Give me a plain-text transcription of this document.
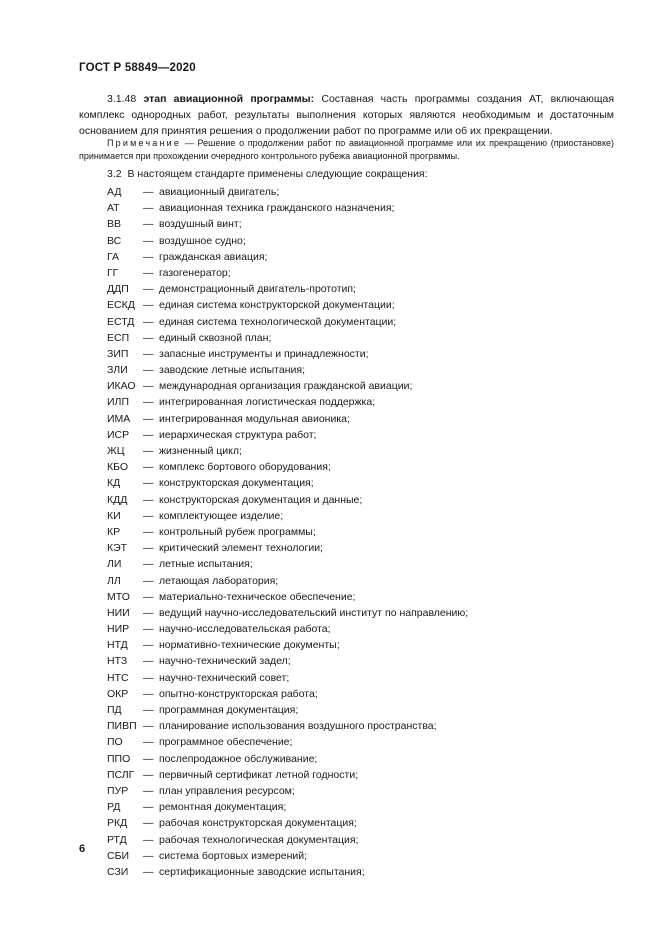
ГОСТ Р 58849—2020
3.1.48 этап авиационной программы: Составная часть программы создания АТ, включающая комплекс однородных работ, результаты выполнения которых являются необходимым и достаточным основанием для принятия решения о продолжении работ по программе или об их прекращении.
Примечание — Решение о продолжении работ по авиационной программе или их прекращению (приостановке) принимается при прохождении очередного контрольного рубежа авиационной программы.
3.2 В настоящем стандарте применены следующие сокращения:
АД — авиационный двигатель;
АТ — авиационная техника гражданского назначения;
ВВ — воздушный винт;
ВС — воздушное судно;
ГА — гражданская авиация;
ГГ — газогенератор;
ДДП — демонстрационный двигатель-прототип;
ЕСКД — единая система конструкторской документации;
ЕСТД — единая система технологической документации;
ЕСП — единый сквозной план;
ЗИП — запасные инструменты и принадлежности;
ЗЛИ — заводские летные испытания;
ИКАО — международная организация гражданской авиации;
ИЛП — интегрированная логистическая поддержка;
ИМА — интегрированная модульная авионика;
ИСР — иерархическая структура работ;
ЖЦ — жизненный цикл;
КБО — комплекс бортового оборудования;
КД — конструкторская документация;
КДД — конструкторская документация и данные;
КИ — комплектующее изделие;
КР — контрольный рубеж программы;
КЭТ — критический элемент технологии;
ЛИ — летные испытания;
ЛЛ — летающая лаборатория;
МТО — материально-техническое обеспечение;
НИИ — ведущий научно-исследовательский институт по направлению;
НИР — научно-исследовательская работа;
НТД — нормативно-технические документы;
НТЗ — научно-технический задел;
НТС — научно-технический совет;
ОКР — опытно-конструкторская работа;
ПД — программная документация;
ПИВП — планирование использования воздушного пространства;
ПО — программное обеспечение;
ППО — послепродажное обслуживание;
ПСЛГ — первичный сертификат летной годности;
ПУР — план управления ресурсом;
РД — ремонтная документация;
РКД — рабочая конструкторская документация;
РТД — рабочая технологическая документация;
СБИ — система бортовых измерений;
СЗИ — сертификационные заводские испытания;
6
